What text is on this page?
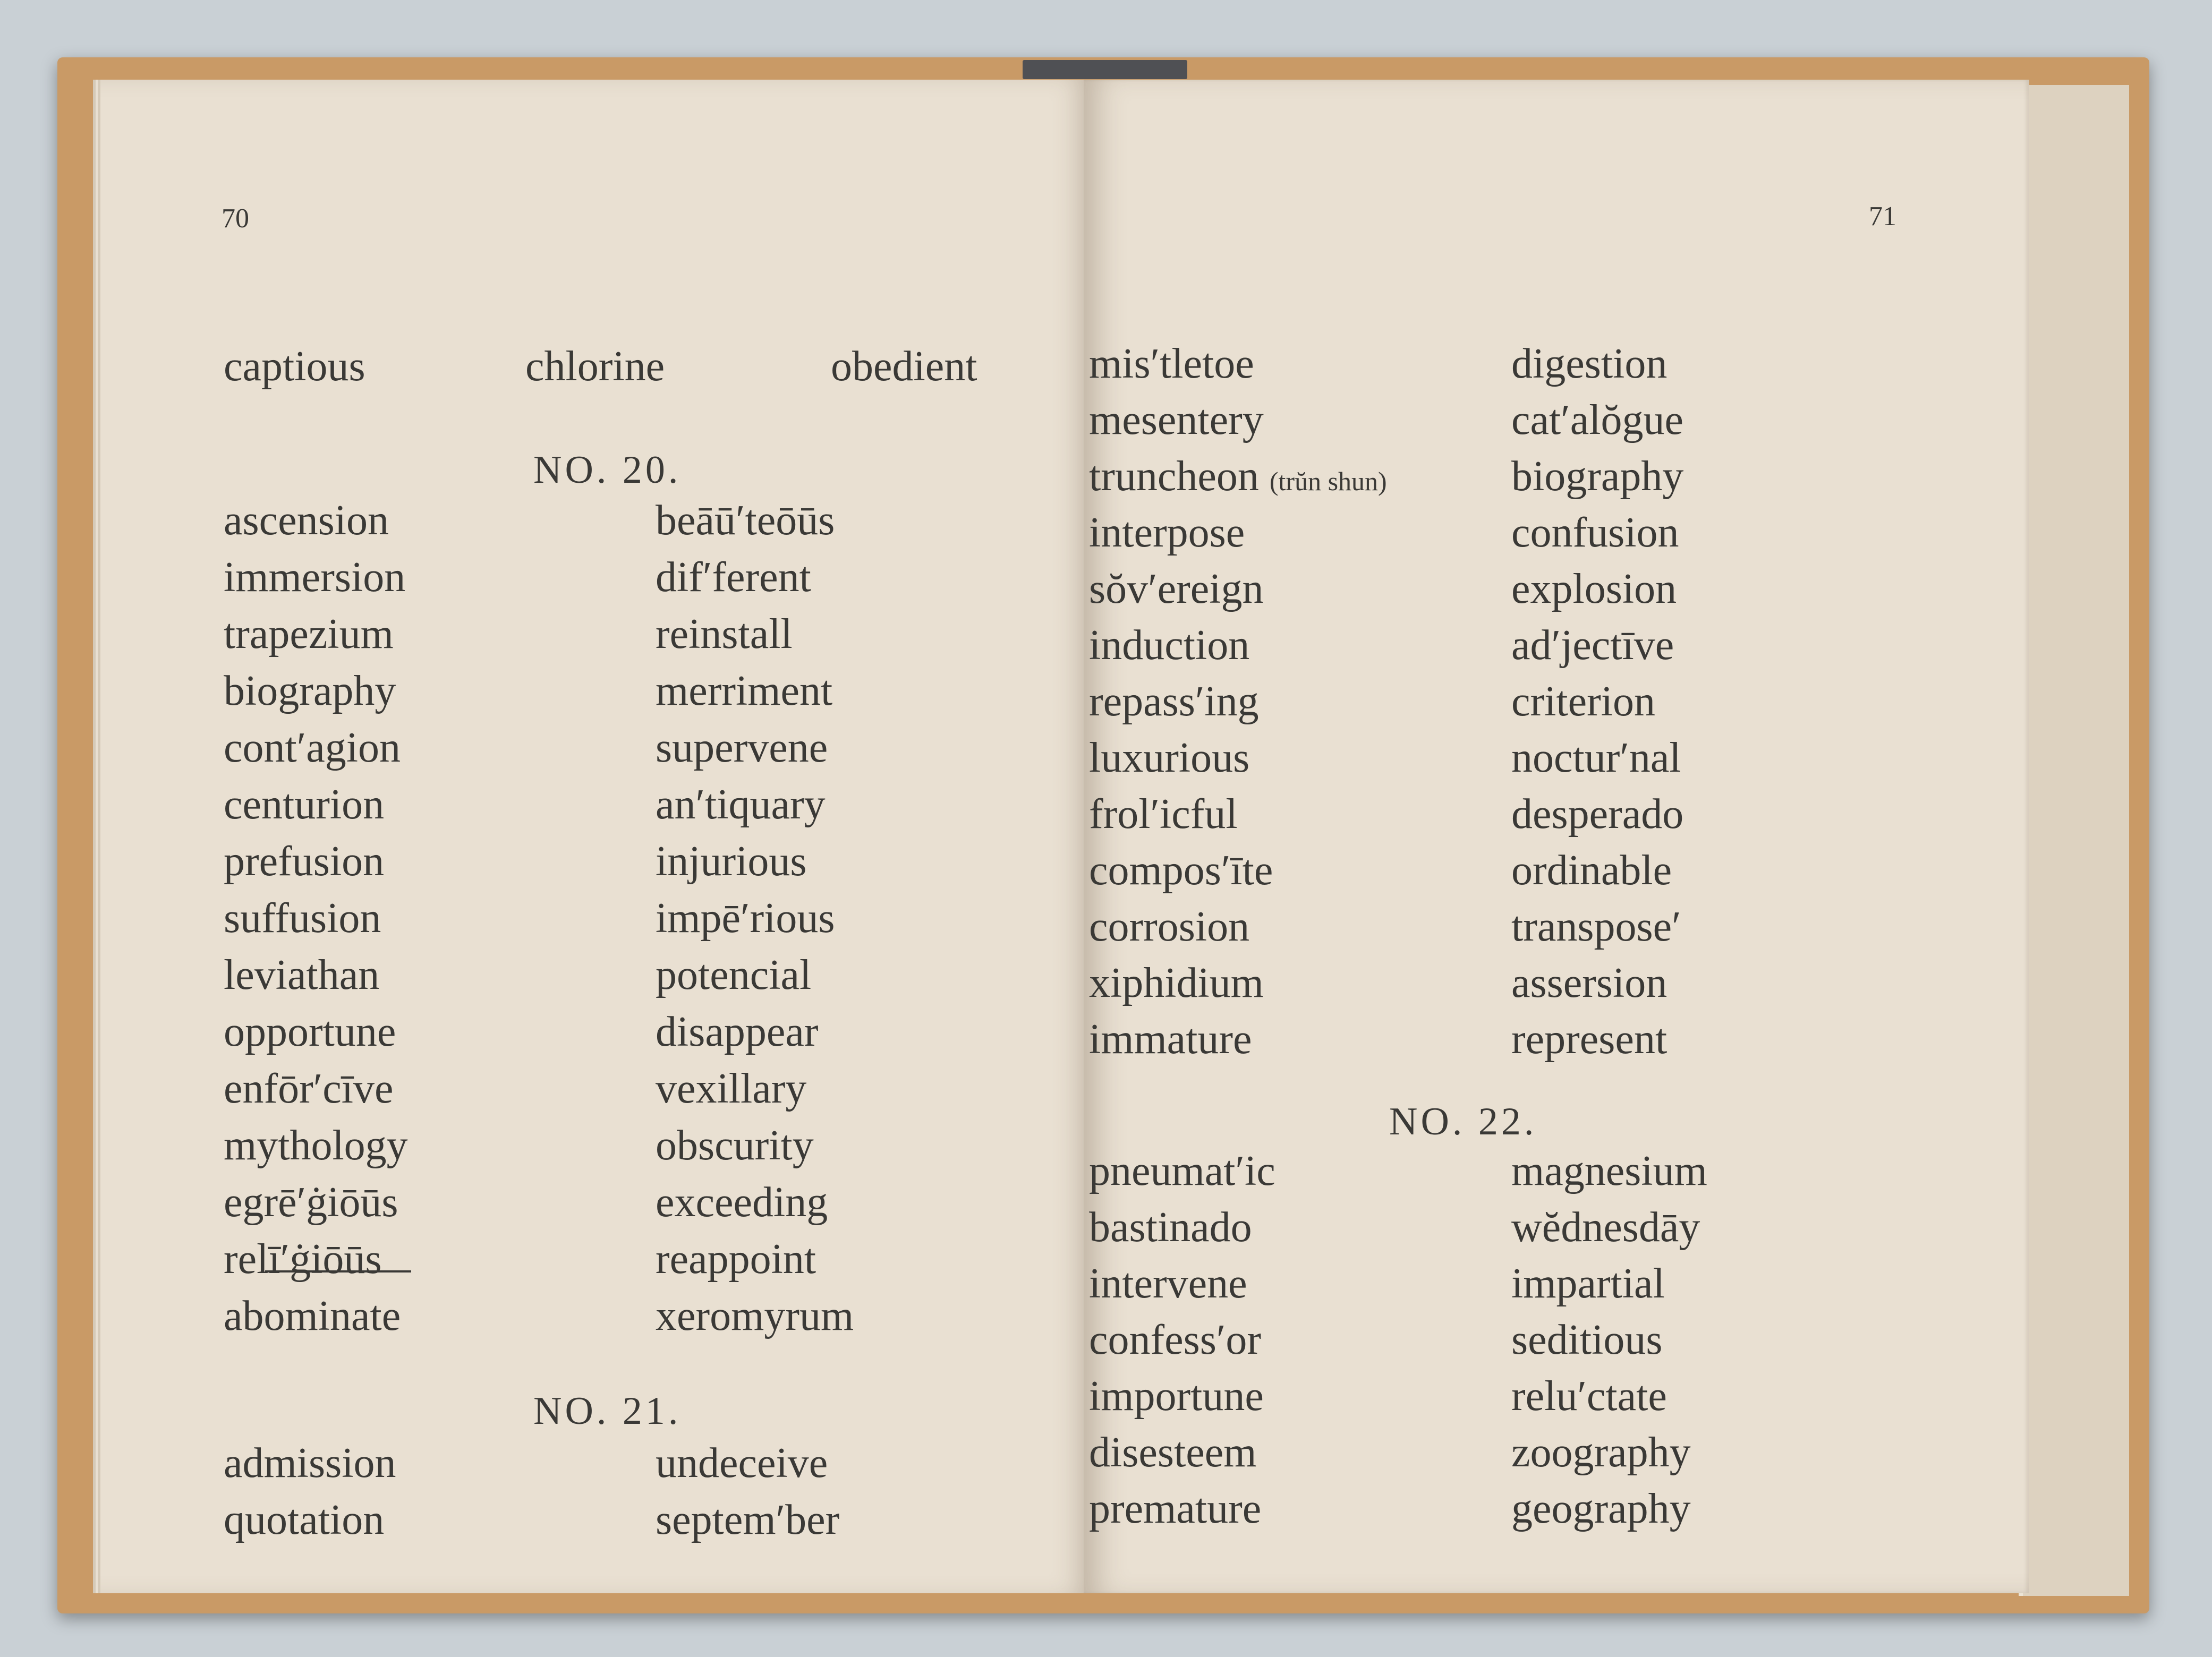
70
captious	chlorine	obedient
NO. 20.
ascension
immersion
trapezium
biography
cont′agion
centurion
prefusion
suffusion
leviathan
opportune
enfōr′cīve
mythology
egrē′ġiōūs
relī′ġiōūs
abominate
beāū′teōūs
dif′ferent
reinstall
merriment
supervene
an′tiquary
injurious
impē′rious
potencial
disappear
vexillary
obscurity
exceeding
reappoint
xeromyrum
NO. 21.
admission
quotation
undeceive
septem′ber
71
mis′tletoe
mesentery
truncheon (trŭn shun)
interpose
sŏv′ereign
induction
repass′ing
luxurious
frol′icful
compos′īte
corrosion
xiphidium
immature
digestion
cat′alŏgue
biography
confusion
explosion
ad′jectīve
criterion
noctur′nal
desperado
ordinable
transpose′
assersion
represent
NO. 22.
pneumat′ic
bastinado
intervene
confess′or
importune
disesteem
premature
magnesium
wĕdnesdāy
impartial
seditious
relu′ctate
zoography
geography
